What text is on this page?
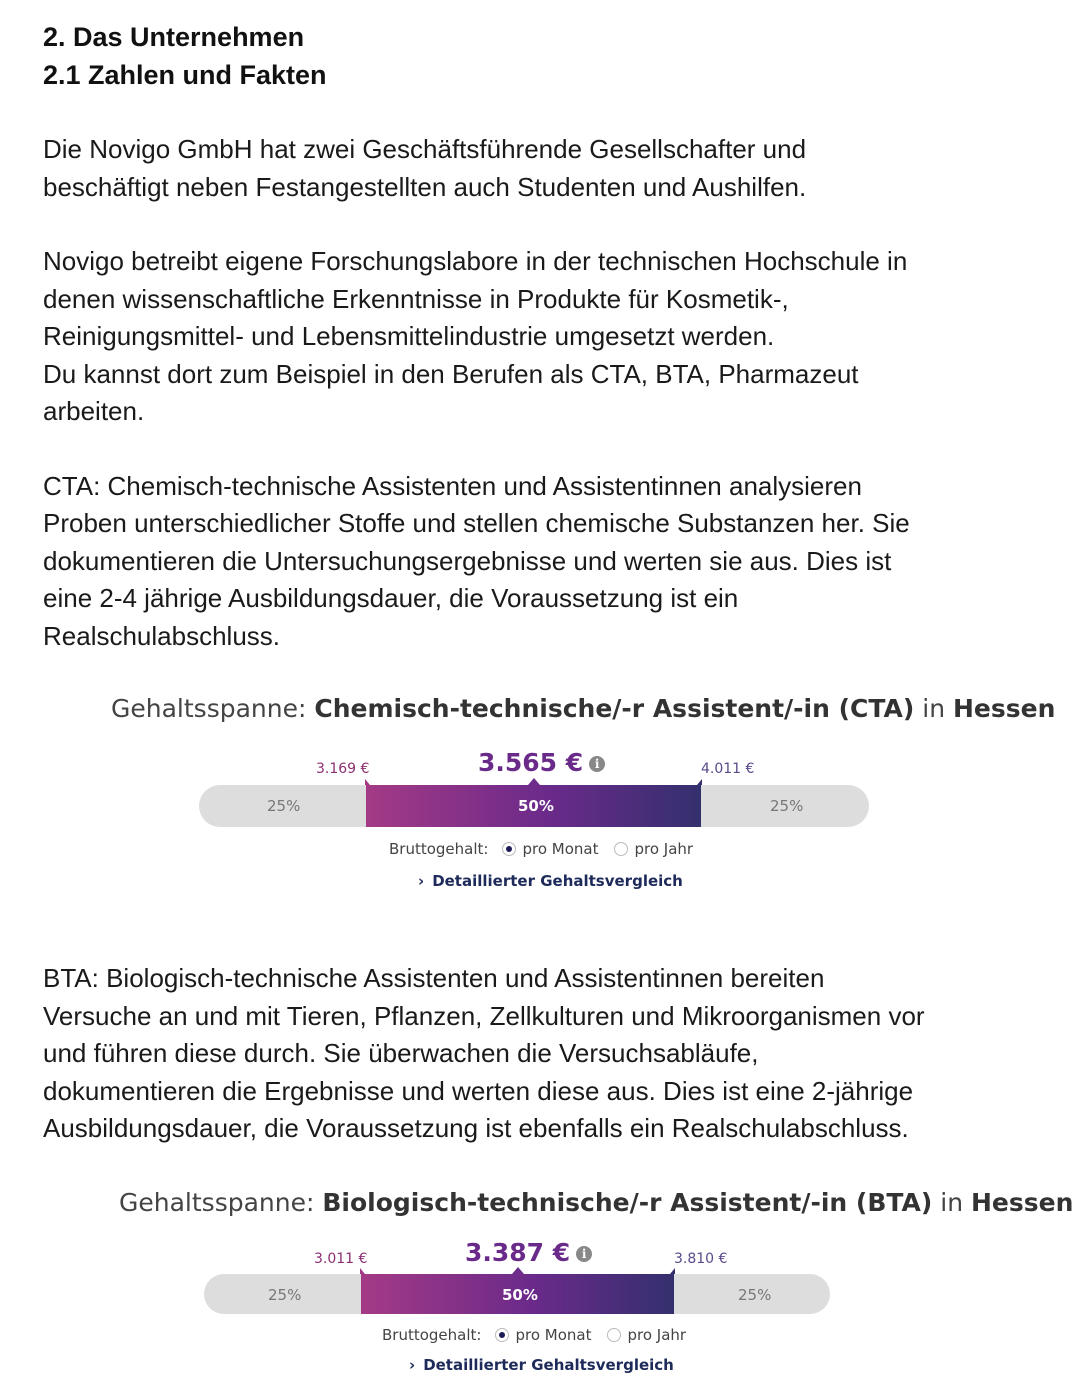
2. Das Unternehmen
2.1 Zahlen und Fakten

Die Novigo GmbH hat zwei Geschäftsführende Gesellschafter und
beschäftigt neben Festangestellten auch Studenten und Aushilfen.

Novigo betreibt eigene Forschungslabore in der technischen Hochschule in
denen wissenschaftliche Erkenntnisse in Produkte für Kosmetik-,
Reinigungsmittel- und Lebensmittelindustrie umgesetzt werden.
Du kannst dort zum Beispiel in den Berufen als CTA, BTA, Pharmazeut
arbeiten.

CTA: Chemisch-technische Assistenten und Assistentinnen analysieren
Proben unterschiedlicher Stoffe und stellen chemische Substanzen her. Sie
dokumentieren die Untersuchungsergebnisse und werten sie aus. Dies ist
eine 2-4 jährige Ausbildungsdauer, die Voraussetzung ist ein
Realschulabschluss.

BTA: Biologisch-technische Assistenten und Assistentinnen bereiten
Versuche an und mit Tieren, Pflanzen, Zellkulturen und Mikroorganismen vor
und führen diese durch. Sie überwachen die Versuchsabläufe,
dokumentieren die Ergebnisse und werten diese aus. Dies ist eine 2-jährige
Ausbildungsdauer, die Voraussetzung ist ebenfalls ein Realschulabschluss.

Gehaltsspanne: Chemisch-technische/-r Assistent/-in (CTA) in Hessen
3.169 €	3.565 € i	4.011 €
25%	50%	25%
Bruttogehalt: pro Monat pro Jahr
› Detaillierter Gehaltsvergleich
Gehaltsspanne: Biologisch-technische/-r Assistent/-in (BTA) in Hessen
3.011 €	3.387 € i	3.810 €
25%	50%	25%
Bruttogehalt: pro Monat pro Jahr
› Detaillierter Gehaltsvergleich
